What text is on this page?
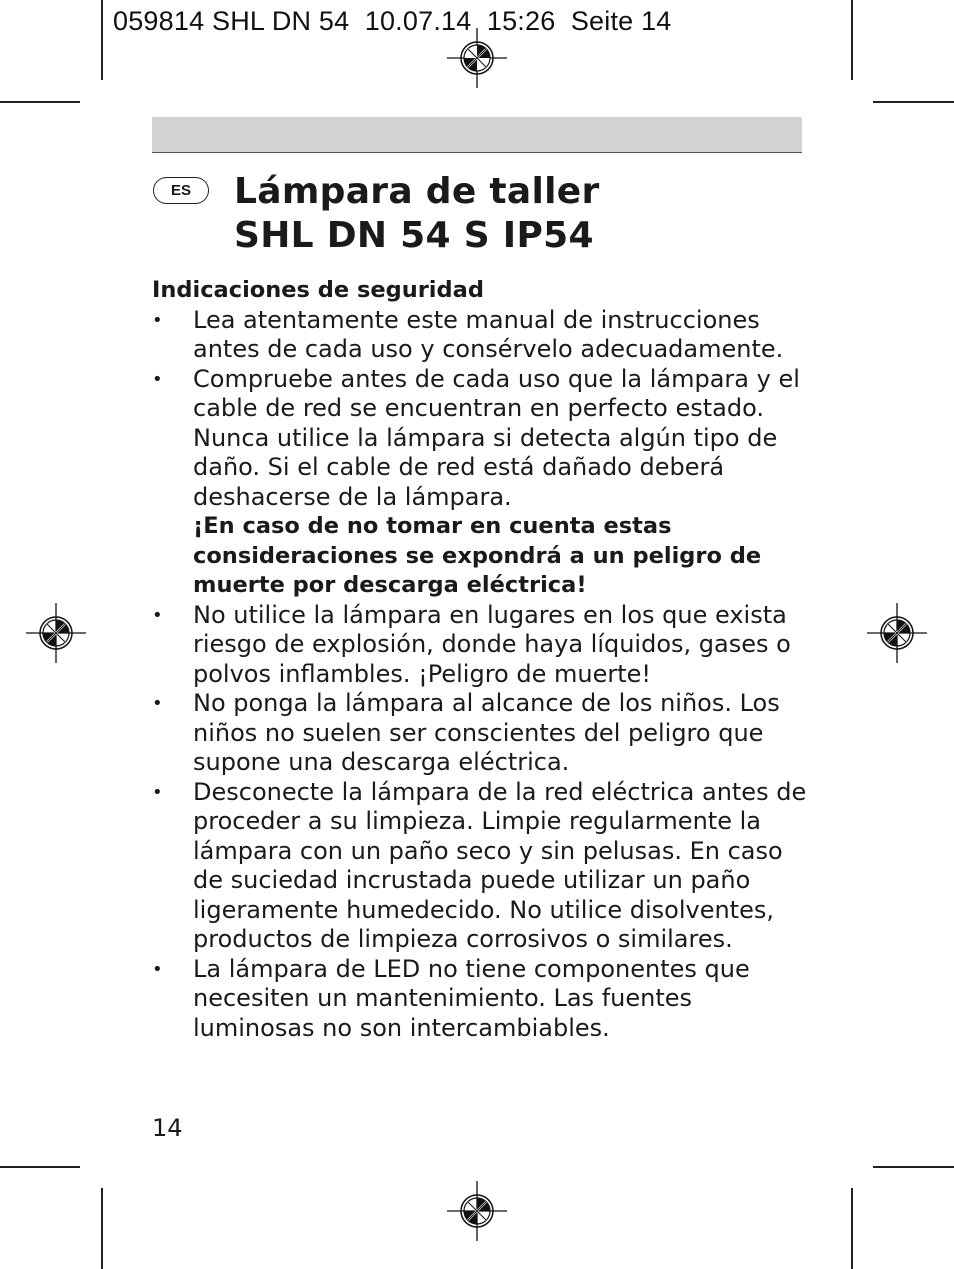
059814 SHL DN 54  10.07.14  15:26  Seite 14
ES	Lámpara de taller
SHL DN 54 S IP54
Indicaciones de seguridad
• Lea atentamente este manual de instrucciones antes de cada uso y consérvelo adecuadamente.
• Compruebe antes de cada uso que la lámpara y el cable de red se encuentran en perfecto estado. Nunca utilice la lámpara si detecta algún tipo de daño. Si el cable de red está dañado deberá deshacerse de la lámpara.
¡En caso de no tomar en cuenta estas consideraciones se expondrá a un peligro de muerte por descarga eléctrica!
• No utilice la lámpara en lugares en los que exista riesgo de explosión, donde haya líquidos, gases o polvos inflambles. ¡Peligro de muerte!
• No ponga la lámpara al alcance de los niños. Los niños no suelen ser conscientes del peligro que supone una descarga eléctrica.
• Desconecte la lámpara de la red eléctrica antes de proceder a su limpieza. Limpie regularmente la lámpara con un paño seco y sin pelusas. En caso de suciedad incrustada puede utilizar un paño ligeramente humedecido. No utilice disolventes, productos de limpieza corrosivos o similares.
• La lámpara de LED no tiene componentes que necesiten un mantenimiento. Las fuentes luminosas no son intercambiables.
14
